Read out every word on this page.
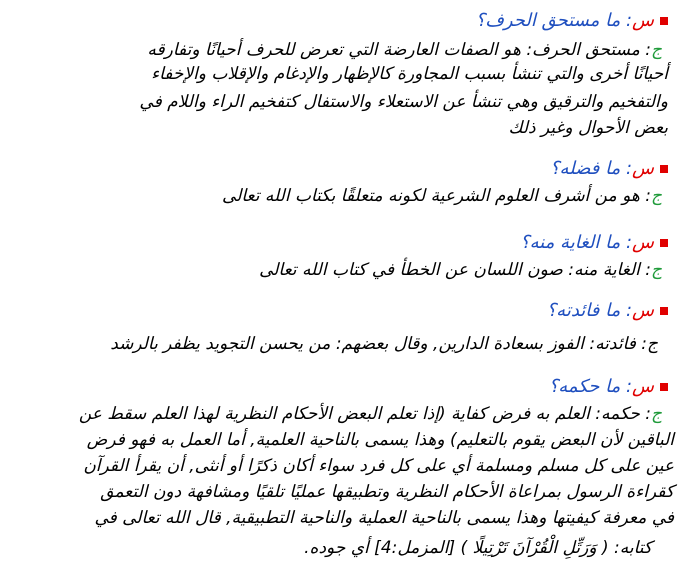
س: ما مستحق الحرف؟
ج: مستحق الحرف: هو الصفات العارضة التي تعرض للحرف أحيانًا وتفارقه
أحيانًا أخرى والتي تنشأ بسبب المجاورة كالإظهار والإدغام والإقلاب والإخفاء
والتفخيم والترقيق وهي تنشأ عن الاستعلاء والاستفال كتفخيم الراء واللام في
بعض الأحوال وغير ذلك
س: ما فضله؟
ج: هو من أشرف العلوم الشرعية لكونه متعلقًا بكتاب الله تعالى
س: ما الغاية منه؟
ج: الغاية منه: صون اللسان عن الخطأ في كتاب الله تعالى
س: ما فائدته؟
ج: فائدته: الفوز بسعادة الدارين, وقال بعضهم: من يحسن التجويد يظفر بالرشد
س: ما حكمه؟
ج: حكمه: العلم به فرض كفاية (إذا تعلم البعض الأحكام النظرية لهذا العلم سقط عن
الباقين لأن البعض يقوم بالتعليم) وهذا يسمى بالناحية العلمية, أما العمل به فهو فرض
عين على كل مسلم ومسلمة أي على كل فرد سواء أكان ذكرًا أو أنثى, أن يقرأ القرآن
كقراءة الرسول بمراعاة الأحكام النظرية وتطبيقها عمليًا تلقيًا ومشافهة دون التعمق
في معرفة كيفيتها وهذا يسمى بالناحية العملية والناحية التطبيقية, قال الله تعالى في
كتابه: ( وَرَتِّلِ الْقُرْآنَ تَرْتِيلًا ) [المزمل:4] أي جوده.
